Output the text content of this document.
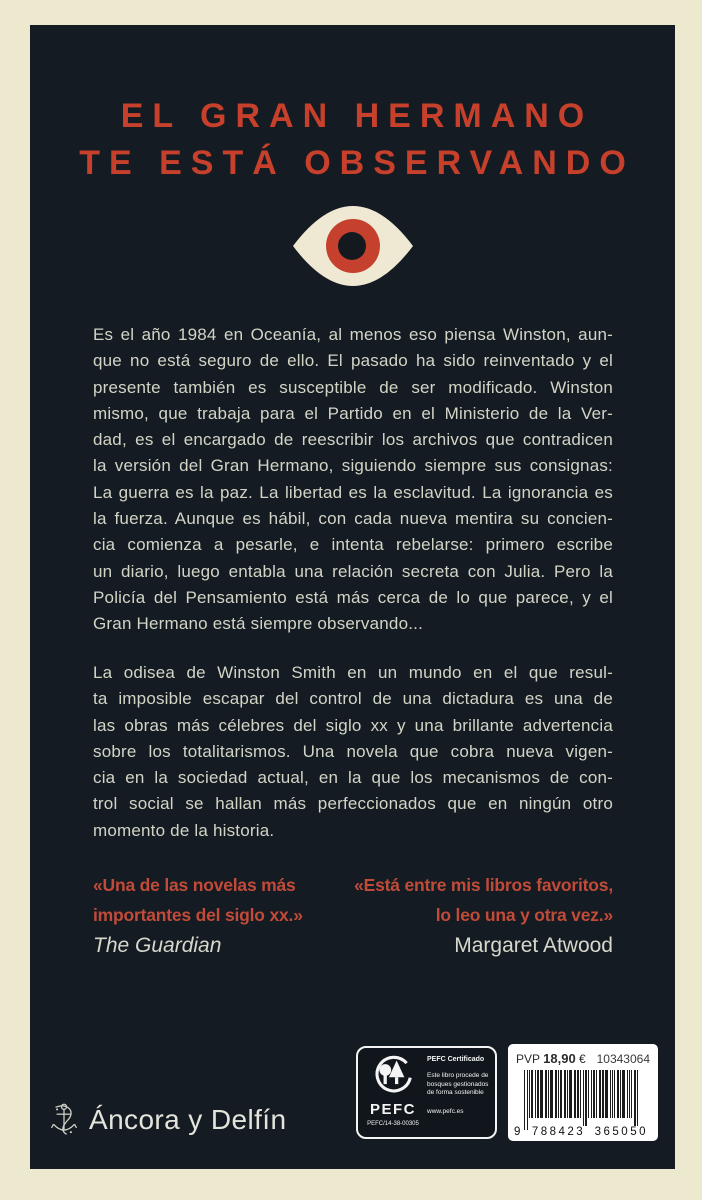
EL GRAN HERMANO
TE ESTÁ OBSERVANDO
Es el año 1984 en Oceanía, al menos eso piensa Winston, aun-
que no está seguro de ello. El pasado ha sido reinventado y el
presente también es susceptible de ser modificado. Winston
mismo, que trabaja para el Partido en el Ministerio de la Ver-
dad, es el encargado de reescribir los archivos que contradicen
la versión del Gran Hermano, siguiendo siempre sus consignas:
La guerra es la paz. La libertad es la esclavitud. La ignorancia es
la fuerza. Aunque es hábil, con cada nueva mentira su concien-
cia comienza a pesarle, e intenta rebelarse: primero escribe
un diario, luego entabla una relación secreta con Julia. Pero la
Policía del Pensamiento está más cerca de lo que parece, y el
Gran Hermano está siempre observando...
La odisea de Winston Smith en un mundo en el que resul-
ta imposible escapar del control de una dictadura es una de
las obras más célebres del siglo xx y una brillante advertencia
sobre los totalitarismos. Una novela que cobra nueva vigen-
cia en la sociedad actual, en la que los mecanismos de con-
trol social se hallan más perfeccionados que en ningún otro
momento de la historia.
«Una de las novelas más
importantes del siglo xx.»
The Guardian
«Está entre mis libros favoritos,
lo leo una y otra vez.»
Margaret Atwood
Áncora y Delfín	PEFC
PEFC/14-38-00305
PEFC Certificado
Este libro procede de
bosques gestionados
de forma sostenible
www.pefc.es
PVP 18,90 € 10343064
9 788423 365050
